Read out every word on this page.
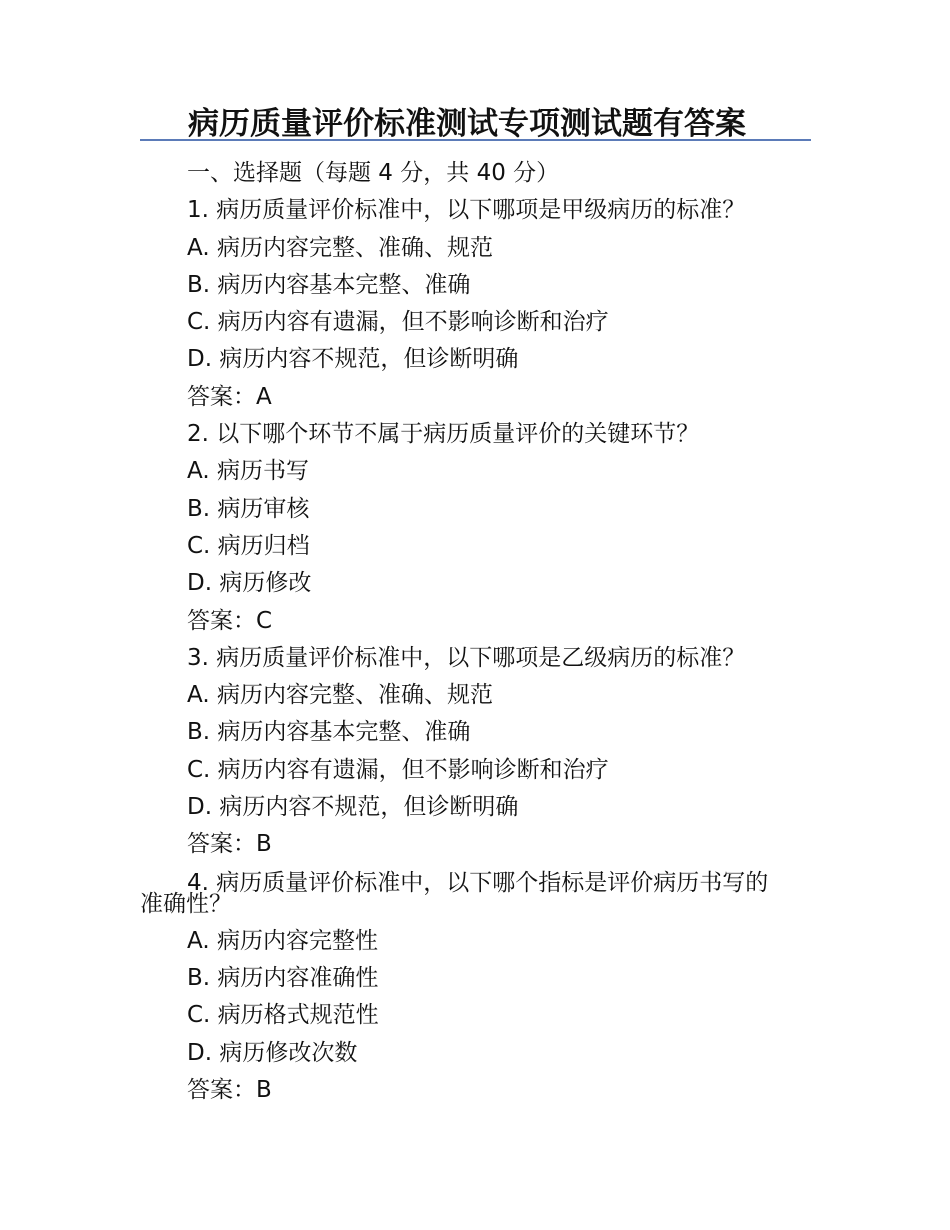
病历质量评价标准测试专项测试题有答案
一、选择题（每题 4 分，共 40 分）
1. 病历质量评价标准中，以下哪项是甲级病历的标准？
A. 病历内容完整、准确、规范
B. 病历内容基本完整、准确
C. 病历内容有遗漏，但不影响诊断和治疗
D. 病历内容不规范，但诊断明确
答案：A
2. 以下哪个环节不属于病历质量评价的关键环节？
A. 病历书写
B. 病历审核
C. 病历归档
D. 病历修改
答案：C
3. 病历质量评价标准中，以下哪项是乙级病历的标准？
A. 病历内容完整、准确、规范
B. 病历内容基本完整、准确
C. 病历内容有遗漏，但不影响诊断和治疗
D. 病历内容不规范，但诊断明确
答案：B
4. 病历质量评价标准中，以下哪个指标是评价病历书写的
准确性？
A. 病历内容完整性
B. 病历内容准确性
C. 病历格式规范性
D. 病历修改次数
答案：B
